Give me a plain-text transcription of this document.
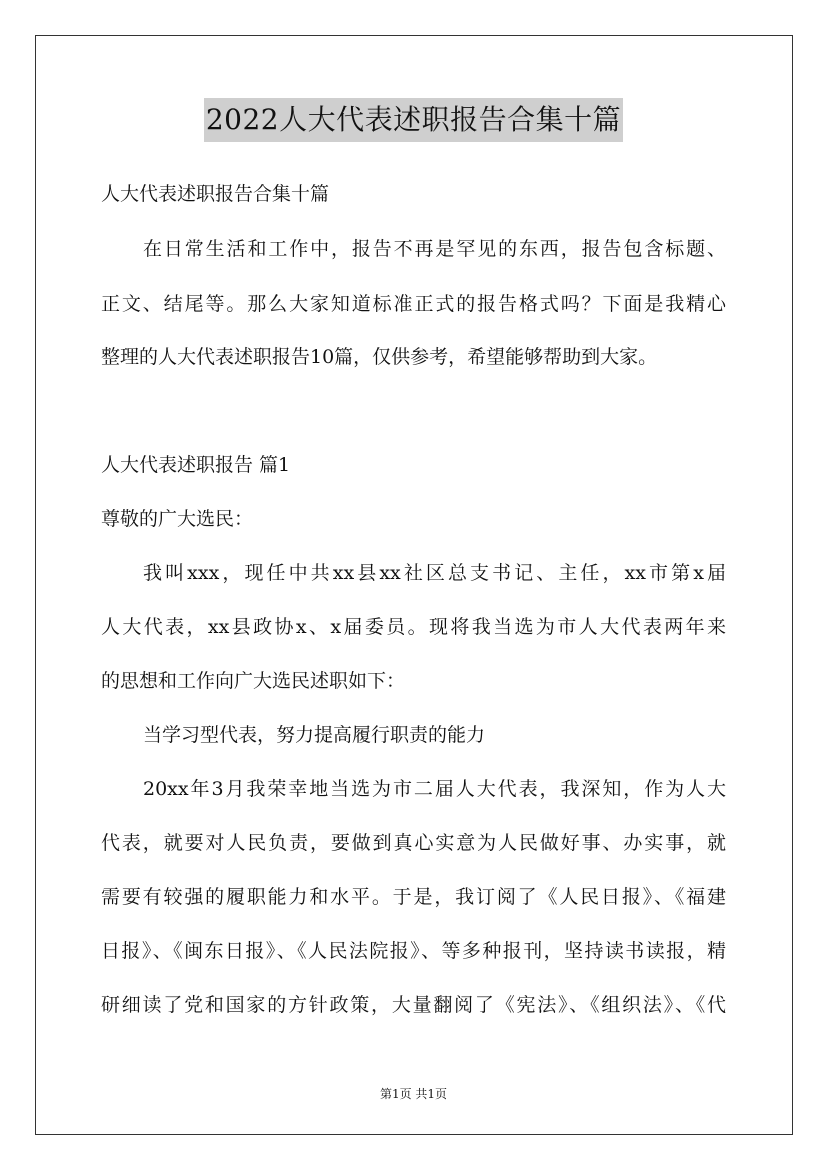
2022人大代表述职报告合集十篇
人大代表述职报告合集十篇
在日常生活和工作中，报告不再是罕见的东西，报告包含标题、
正文、结尾等。那么大家知道标准正式的报告格式吗？下面是我精心
整理的人大代表述职报告10篇，仅供参考，希望能够帮助到大家。
人大代表述职报告 篇1
尊敬的广大选民：
我叫xxx，现任中共xx县xx社区总支书记、主任，xx市第x届
人大代表，xx县政协x、x届委员。现将我当选为市人大代表两年来
的思想和工作向广大选民述职如下：
当学习型代表，努力提高履行职责的能力
20xx年3月我荣幸地当选为市二届人大代表，我深知，作为人大
代表，就要对人民负责，要做到真心实意为人民做好事、办实事，就
需要有较强的履职能力和水平。于是，我订阅了《人民日报》、《福建
日报》、《闽东日报》、《人民法院报》、等多种报刊，坚持读书读报，精
研细读了党和国家的方针政策，大量翻阅了《宪法》、《组织法》、《代
第1页 共1页
